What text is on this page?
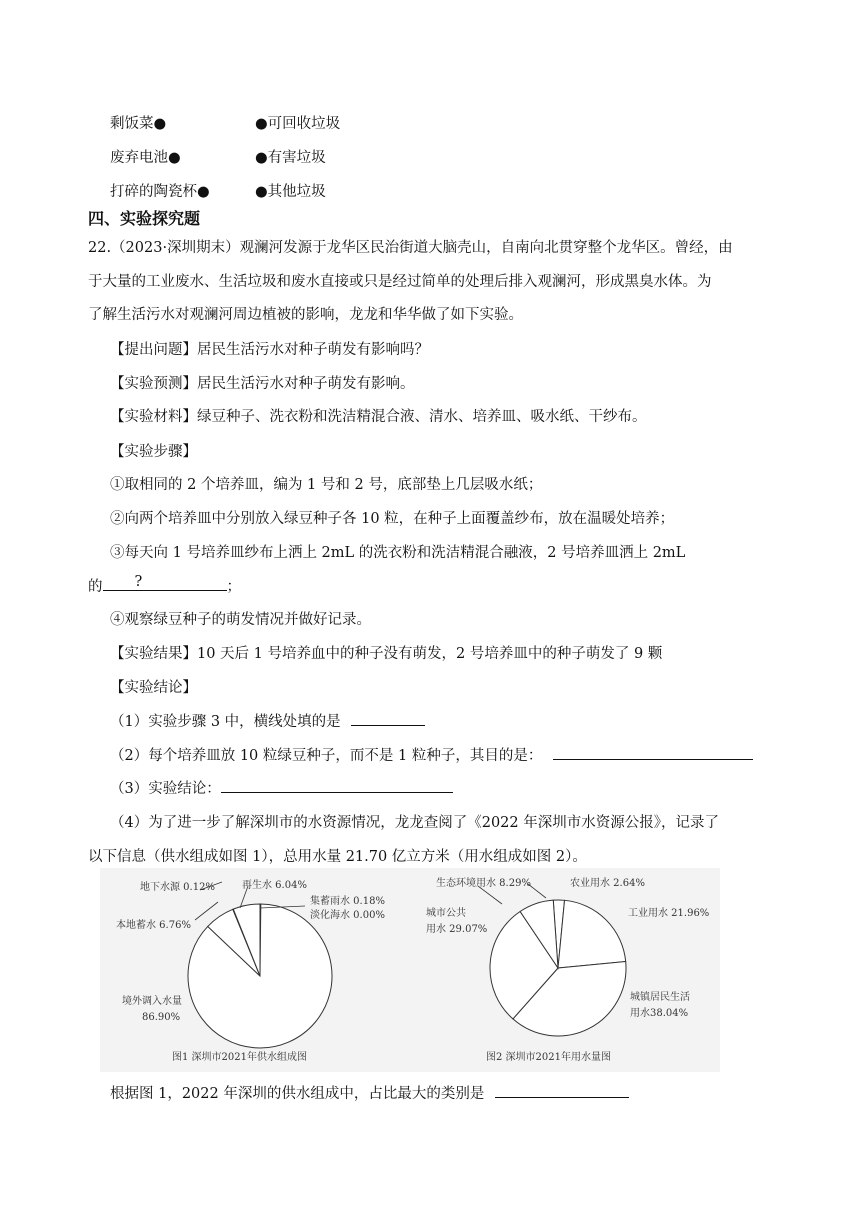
剩饭菜●	●可回收垃圾
废弃电池●	●有害垃圾
打碎的陶瓷杯●	●其他垃圾
四、实验探究题
22.（2023·深圳期末）观澜河发源于龙华区民治街道大脑壳山，自南向北贯穿整个龙华区。曾经，由
于大量的工业废水、生活垃圾和废水直接或只是经过简单的处理后排入观澜河，形成黑臭水体。为
了解生活污水对观澜河周边植被的影响，龙龙和华华做了如下实验。
【提出问题】居民生活污水对种子萌发有影响吗？
【实验预测】居民生活污水对种子萌发有影响。
【实验材料】绿豆种子、洗衣粉和洗洁精混合液、清水、培养皿、吸水纸、干纱布。
【实验步骤】
①取相同的 2 个培养皿，编为 1 号和 2 号，底部垫上几层吸水纸；
②向两个培养皿中分别放入绿豆种子各 10 粒，在种子上面覆盖纱布，放在温暖处培养；
③每天向 1 号培养皿纱布上洒上 2mL 的洗衣粉和洗洁精混合融液，2 号培养皿洒上 2mL
的 ?	；
④观察绿豆种子的萌发情况并做好记录。
【实验结果】10 天后 1 号培养血中的种子没有萌发，2 号培养皿中的种子萌发了 9 颗
【实验结论】
（1）实验步骤 3 中，横线处填的是
（2）每个培养皿放 10 粒绿豆种子，而不是 1 粒种子，其目的是：
（3）实验结论：
（4）为了进一步了解深圳市的水资源情况，龙龙查阅了《2022 年深圳市水资源公报》，记录了
以下信息（供水组成如图 1），总用水量 21.70 亿立方米（用水组成如图 2）。
地下水源 0.12%
本地蓄水 6.76%
再生水 6.04%
集蓄雨水 0.18%
淡化海水 0.00%
境外调入水量
86.90%
图1 深圳市2021年供水组成图
生态环境用水 8.29%	农业用水 2.64%
工业用水 21.96%
城镇居民生活
用水38.04%
城市公共
用水 29.07%
图2 深圳市2021年用水量图
根据图 1，2022 年深圳的供水组成中，占比最大的类别是
